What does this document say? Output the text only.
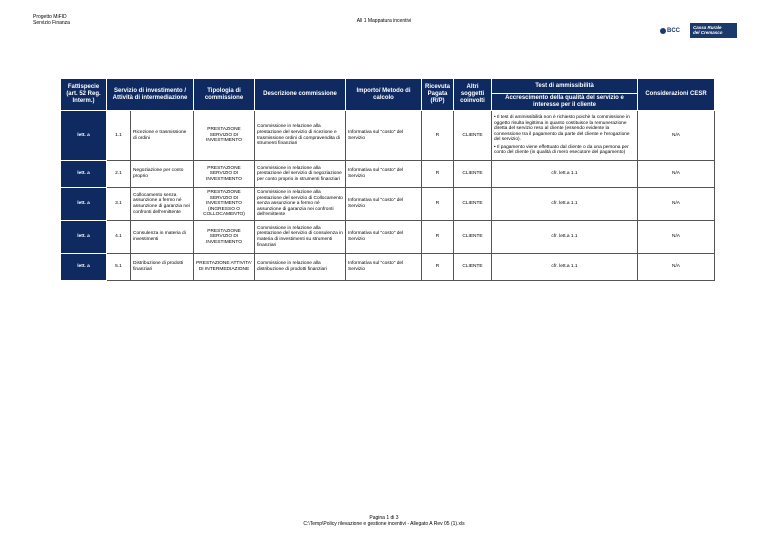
Progetto MiFID
Servizio Finanza	All 1 Mappatura incentivi
BCC	Cassa Rurale
del Cremasco
Fattispecie (art. 52 Reg. Interm.)	Servizio di investimento / Attività di intermediazione		Tipologia di commissione	Descrizione commissione	Importo/ Metodo di calcolo	Ricevuta Pagata (R/P)	Altri soggetti coinvolti	Test di ammissibilità	Considerazioni CESR
								Accrescimento della qualità del servizio e interesse per il cliente	
lett. a	1.1	Ricezione e trasmissione di ordini	PRESTAZIONE SERVIZIO DI INVESTIMENTO	Commissione in relazione alla prestazione del servizio di ricezione e trasmissione ordini di compravendita di strumenti finanziari	Informativa sul "costo" del Servizio	R	CLIENTE	• Il test di ammissibilità non è richiesto poichè la commissione in oggetto risulta legittima in quanto costituisce la remunerazione diretta del servizio reso al cliente (essendo evidente la connessione tra il pagamento da parte del cliente e l'erogazione del servizio).
• Il pagamento viene effettuato dal cliente o da una persona per conto del cliente (in qualità di mero esecutore del pagamento)	N/A
lett. a	2.1	Negoziazione per conto proprio	PRESTAZIONE SERVIZIO DI INVESTIMENTO	Commissione in relazione alla prestazione del servizio di negoziazione per conto proprio in strumenti finanziari	Informativa sul "costo" del Servizio	R	CLIENTE	cfr. lett.a 1.1	N/A
lett. a	3.1	Collocamento senza assunzione a fermo né assunzione di garanzia nei confronti dell'emittente	PRESTAZIONE SERVIZIO DI INVESTIMENTO (INGRESSO O COLLOCAMENTO)	Commissione in relazione alla prestazione del servizio di Collocamento senza assunzione a fermo né assunzione di garanzia nei confronti dell'emittente	Informativa sul "costo" del Servizio	R	CLIENTE	cfr. lett.a 1.1	N/A
lett. a	4.1	Consulenza in materia di investimenti	PRESTAZIONE SERVIZIO DI INVESTIMENTO	Commissione in relazione alla prestazione del servizio di consulenza in materia di investimenti su strumenti finanziari	Informativa sul "costo" del Servizio	R	CLIENTE	cfr. lett.a 1.1	N/A
lett. a	5.1	Distribuzione di prodotti finanziari	PRESTAZIONE ATTIVITA' DI INTERMEDIAZIONE	Commissione in relazione alla distribuzione di prodotti finanziari	Informativa sul "costo" del Servizio	R	CLIENTE	cfr. lett.a 1.1	N/A
Pagina 1 di 3
C:\Temp\Policy rilevazione e gestione incentivi - Allegato A Rev 05 (1).xls
